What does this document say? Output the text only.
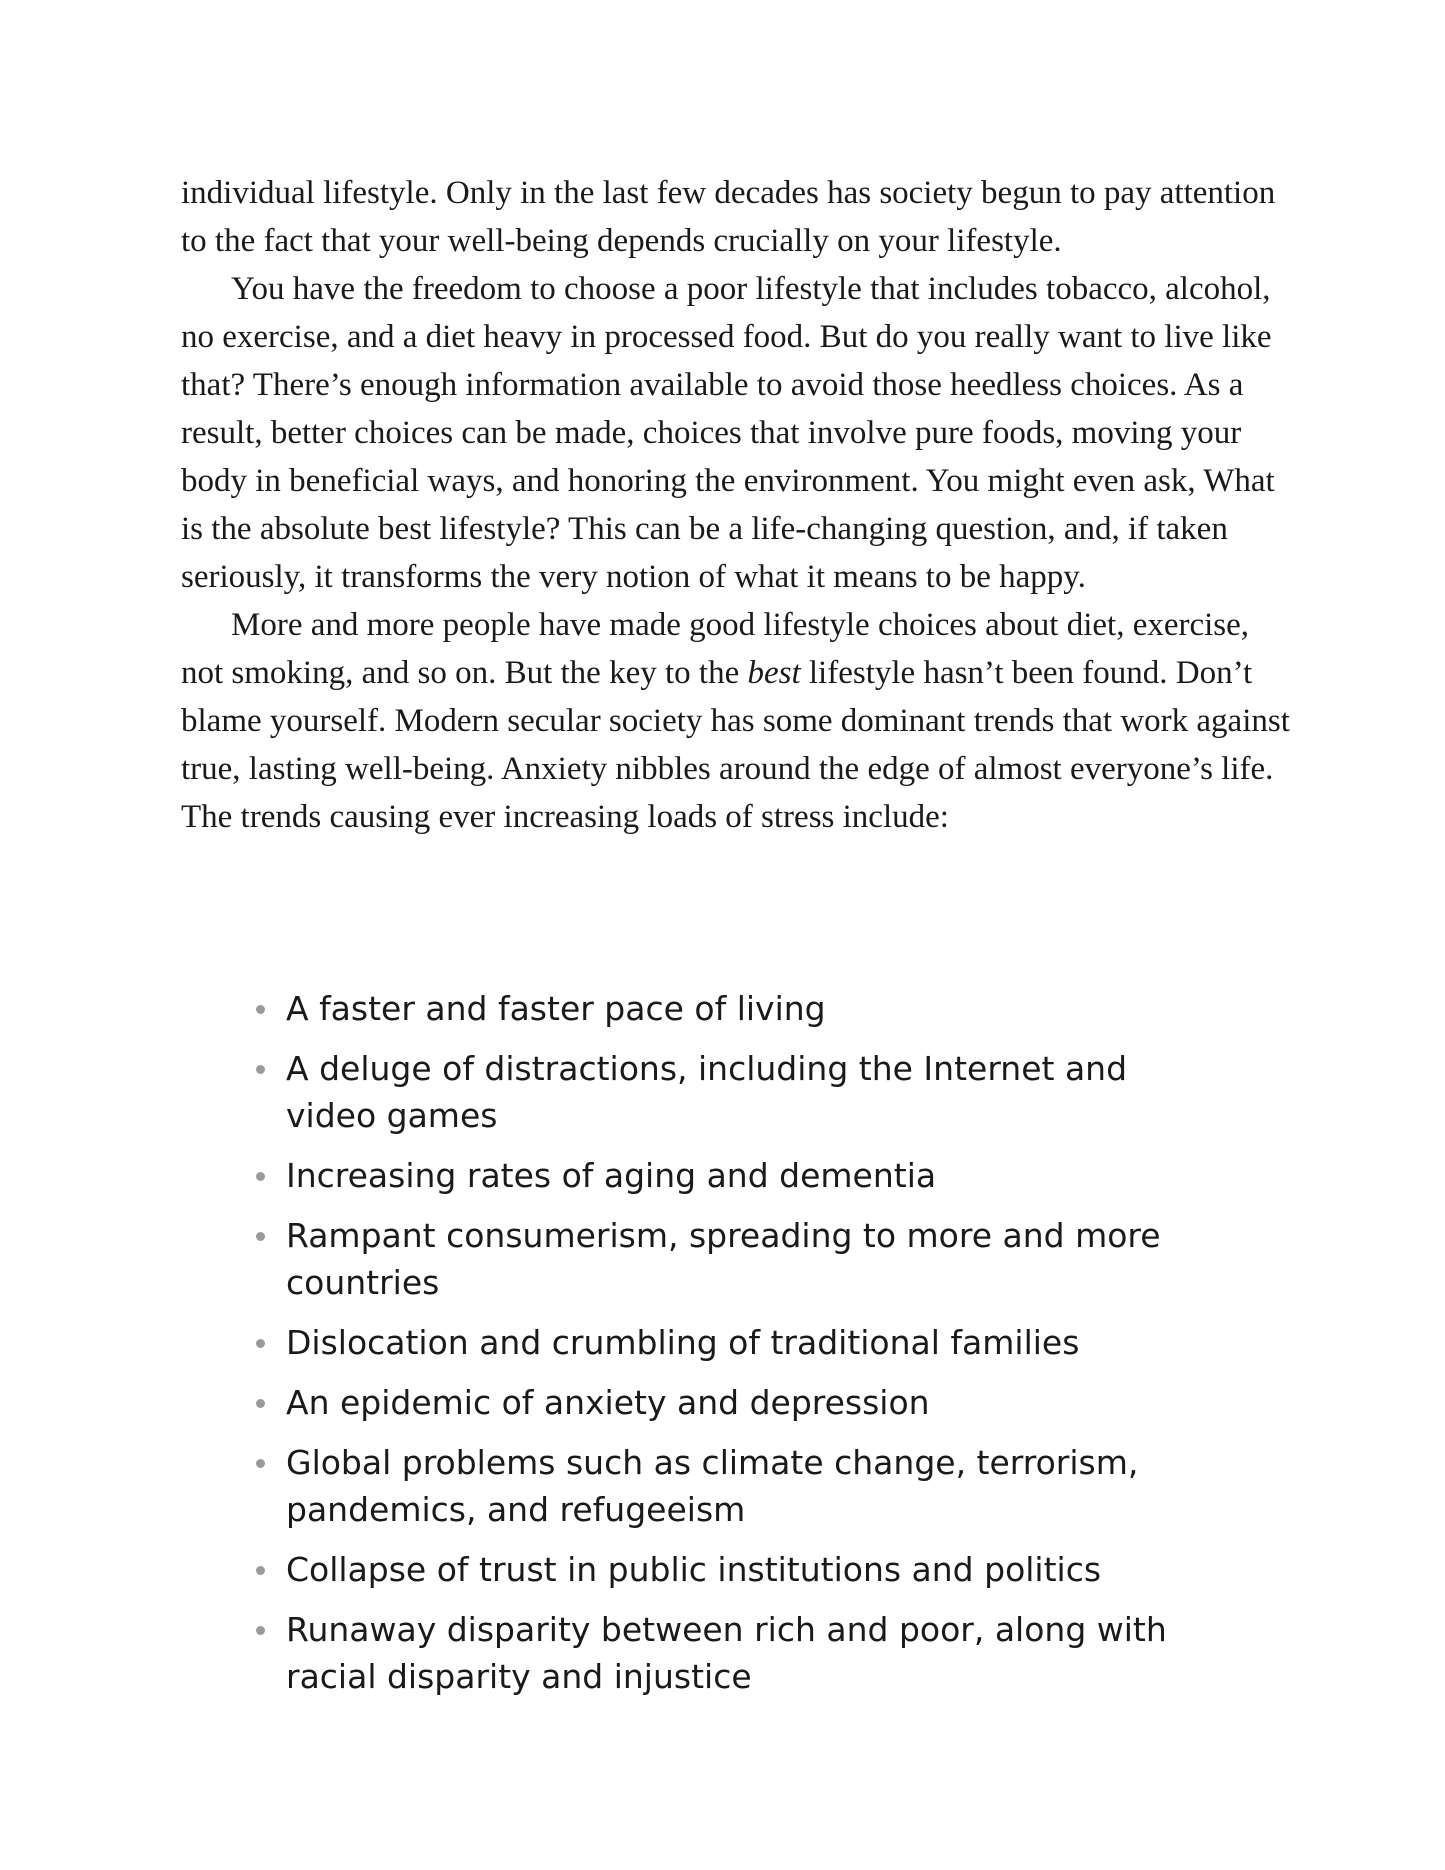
individual lifestyle. Only in the last few decades has society begun to pay attention to the fact that your well-being depends crucially on your lifestyle.

You have the freedom to choose a poor lifestyle that includes tobacco, alcohol, no exercise, and a diet heavy in processed food. But do you really want to live like that? There’s enough information available to avoid those heedless choices. As a result, better choices can be made, choices that involve pure foods, moving your body in beneficial ways, and honoring the environment. You might even ask, What is the absolute best lifestyle? This can be a life-changing question, and, if taken seriously, it transforms the very notion of what it means to be happy.

More and more people have made good lifestyle choices about diet, exercise, not smoking, and so on. But the key to the best lifestyle hasn’t been found. Don’t blame yourself. Modern secular society has some dominant trends that work against true, lasting well-being. Anxiety nibbles around the edge of almost everyone’s life. The trends causing ever increasing loads of stress include:

A faster and faster pace of living
A deluge of distractions, including the Internet and video games
Increasing rates of aging and dementia
Rampant consumerism, spreading to more and more countries
Dislocation and crumbling of traditional families
An epidemic of anxiety and depression
Global problems such as climate change, terrorism, pandemics, and refugeeism
Collapse of trust in public institutions and politics
Runaway disparity between rich and poor, along with racial disparity and injustice
